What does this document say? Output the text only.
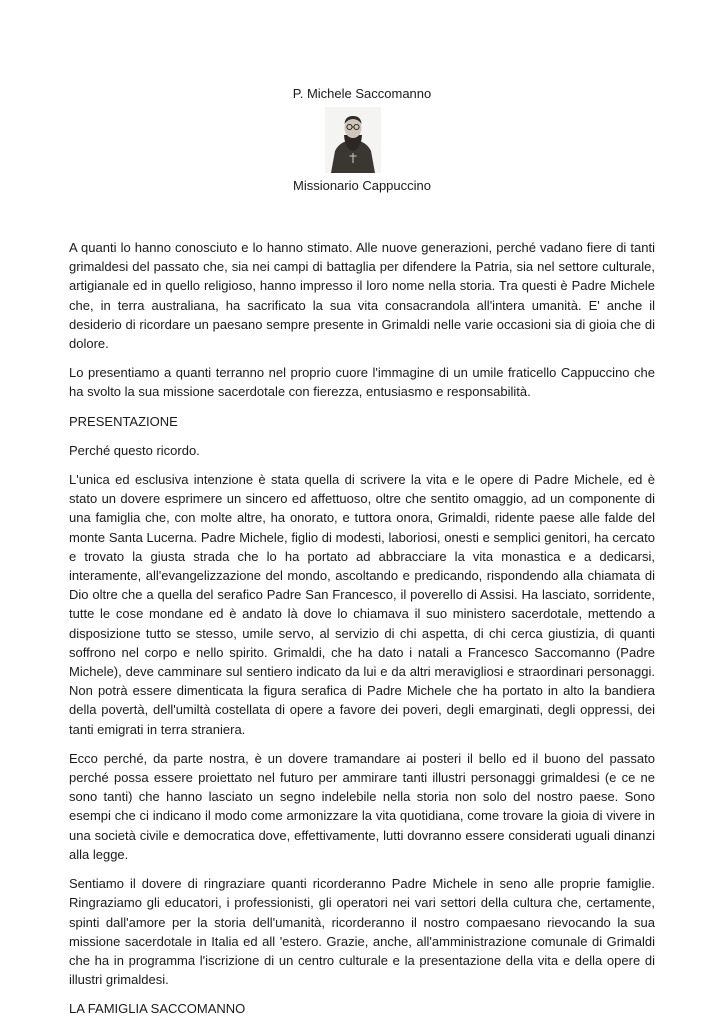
P. Michele Saccomanno
Missionario Cappuccino

A quanti lo hanno conosciuto e lo hanno stimato. Alle nuove generazioni, perché vadano fiere di tanti grimaldesi del passato che, sia nei campi di battaglia per difendere la Patria, sia nel settore culturale, artigianale ed in quello religioso, hanno impresso il loro nome nella storia. Tra questi è Padre Michele che, in terra australiana, ha sacrificato la sua vita consacrandola all'intera umanità. E' anche il desiderio di ricordare un paesano sempre presente in Grimaldi nelle varie occasioni sia di gioia che di dolore.

Lo presentiamo a quanti terranno nel proprio cuore l'immagine di un umile fraticello Cappuccino che ha svolto la sua missione sacerdotale con fierezza, entusiasmo e responsabilità.

PRESENTAZIONE

Perché questo ricordo.

L'unica ed esclusiva intenzione è stata quella di scrivere la vita e le opere di Padre Michele, ed è stato un dovere esprimere un sincero ed affettuoso, oltre che sentito omaggio, ad un componente di una famiglia che, con molte altre, ha onorato, e tuttora onora, Grimaldi, ridente paese alle falde del monte Santa Lucerna. Padre Michele, figlio di modesti, laboriosi, onesti e semplici genitori, ha cercato e trovato la giusta strada che lo ha portato ad abbracciare la vita monastica e a dedicarsi, interamente, all'evangelizzazione del mondo, ascoltando e predicando, rispondendo alla chiamata di Dio oltre che a quella del serafico Padre San Francesco, il poverello di Assisi. Ha lasciato, sorridente, tutte le cose mondane ed è andato là dove lo chiamava il suo ministero sacerdotale, mettendo a disposizione tutto se stesso, umile servo, al servizio di chi aspetta, di chi cerca giustizia, di quanti soffrono nel corpo e nello spirito. Grimaldi, che ha dato i natali a Francesco Saccomanno (Padre Michele), deve camminare sul sentiero indicato da lui e da altri meravigliosi e straordinari personaggi. Non potrà essere dimenticata la figura serafica di Padre Michele che ha portato in alto la bandiera della povertà, dell'umiltà costellata di opere a favore dei poveri, degli emarginati, degli oppressi, dei tanti emigrati in terra straniera.

Ecco perché, da parte nostra, è un dovere tramandare ai posteri il bello ed il buono del passato perché possa essere proiettato nel futuro per ammirare tanti illustri personaggi grimaldesi (e ce ne sono tanti) che hanno lasciato un segno indelebile nella storia non solo del nostro paese. Sono esempi che ci indicano il modo come armonizzare la vita quotidiana, come trovare la gioia di vivere in una società civile e democratica dove, effettivamente, lutti dovranno essere considerati uguali dinanzi alla legge.

Sentiamo il dovere di ringraziare quanti ricorderanno Padre Michele in seno alle proprie famiglie. Ringraziamo gli educatori, i professionisti, gli operatori nei vari settori della cultura che, certamente, spinti dall'amore per la storia dell'umanità, ricorderanno il nostro compaesano rievocando la sua missione sacerdotale in Italia ed all 'estero. Grazie, anche, all'amministrazione comunale di Grimaldi che ha in programma l'iscrizione di un centro culturale e la presentazione della vita e della opere di illustri grimaldesi.

LA FAMIGLIA SACCOMANNO
